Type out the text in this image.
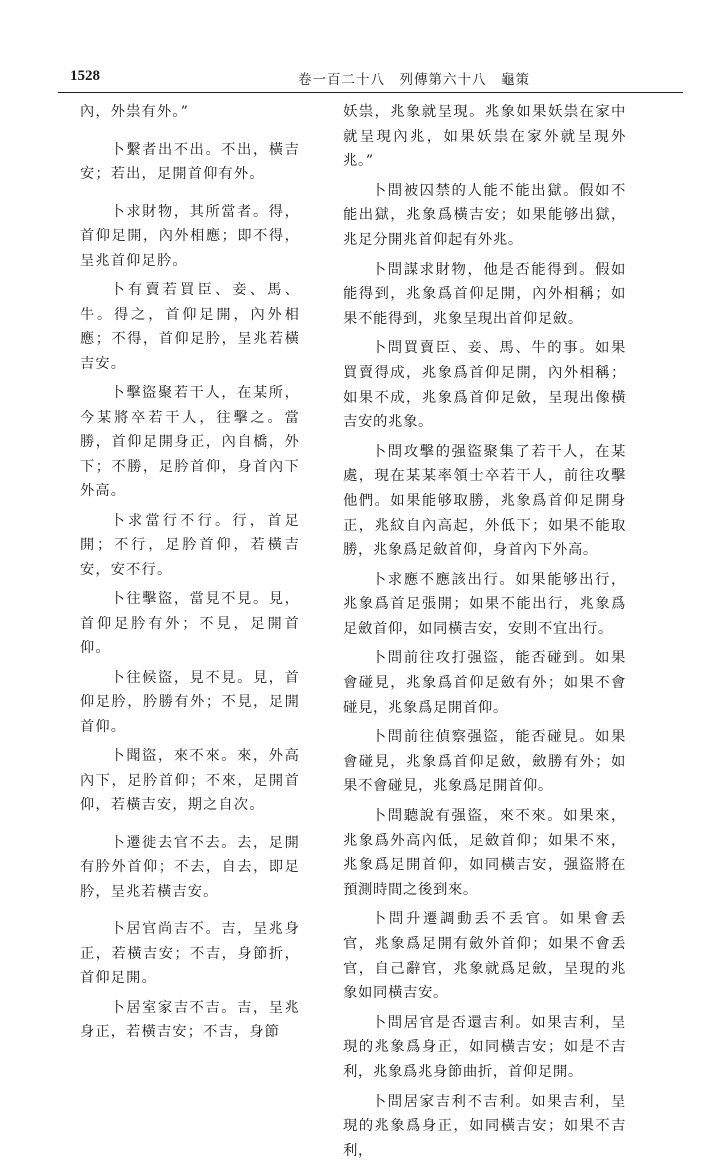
1528	卷一百二十八　列傳第六十八　龜策

內，外祟有外。”

卜繫者出不出。不出，橫吉安；若出，足開首仰有外。

卜求財物，其所當者。得，首仰足開，內外相應；即不得，呈兆首仰足肣。

卜有賣若買臣、妾、馬、牛。得之，首仰足開，內外相應；不得，首仰足肣，呈兆若橫吉安。

卜擊盜聚若干人，在某所，今某將卒若干人，往擊之。當勝，首仰足開身正，內自橋，外下；不勝，足肣首仰，身首內下外高。

卜求當行不行。行，首足開；不行，足肣首仰，若橫吉安，安不行。

卜往擊盜，當見不見。見，首仰足肣有外；不見，足開首仰。

卜往候盜，見不見。見，首仰足肣，肣勝有外；不見，足開首仰。

卜聞盜，來不來。來，外高內下，足肣首仰；不來，足開首仰，若橫吉安，期之自次。

卜遷徙去官不去。去，足開有肣外首仰；不去，自去，即足肣，呈兆若橫吉安。

卜居官尚吉不。吉，呈兆身正，若橫吉安；不吉，身節折，首仰足開。

卜居室家吉不吉。吉，呈兆身正，若橫吉安；不吉，身節

妖祟，兆象就呈現。兆象如果妖祟在家中就呈現內兆，如果妖祟在家外就呈現外兆。”

卜問被囚禁的人能不能出獄。假如不能出獄，兆象爲橫吉安；如果能够出獄，兆足分開兆首仰起有外兆。

卜問謀求財物，他是否能得到。假如能得到，兆象爲首仰足開，內外相稱；如果不能得到，兆象呈現出首仰足斂。

卜問買賣臣、妾、馬、牛的事。如果買賣得成，兆象爲首仰足開，內外相稱；如果不成，兆象爲首仰足斂，呈現出像橫吉安的兆象。

卜問攻擊的强盜聚集了若干人，在某處，現在某某率領士卒若干人，前往攻擊他們。如果能够取勝，兆象爲首仰足開身正，兆紋自內高起，外低下；如果不能取勝，兆象爲足斂首仰，身首內下外高。

卜求應不應該出行。如果能够出行，兆象爲首足張開；如果不能出行，兆象爲足斂首仰，如同橫吉安，安則不宜出行。

卜問前往攻打强盜，能否碰到。如果會碰見，兆象爲首仰足斂有外；如果不會碰見，兆象爲足開首仰。

卜問前往偵察强盜，能否碰見。如果會碰見，兆象爲首仰足斂，斂勝有外；如果不會碰見，兆象爲足開首仰。

卜問聽說有强盜，來不來。如果來，兆象爲外高內低，足斂首仰；如果不來，兆象爲足開首仰，如同橫吉安，强盜將在預測時間之後到來。

卜問升遷調動丢不丢官。如果會丢官，兆象爲足開有斂外首仰；如果不會丢官，自己辭官，兆象就爲足斂，呈現的兆象如同橫吉安。

卜問居官是否還吉利。如果吉利，呈現的兆象爲身正，如同橫吉安；如是不吉利，兆象爲兆身節曲折，首仰足開。

卜問居家吉利不吉利。如果吉利，呈現的兆象爲身正，如同橫吉安；如果不吉利，
